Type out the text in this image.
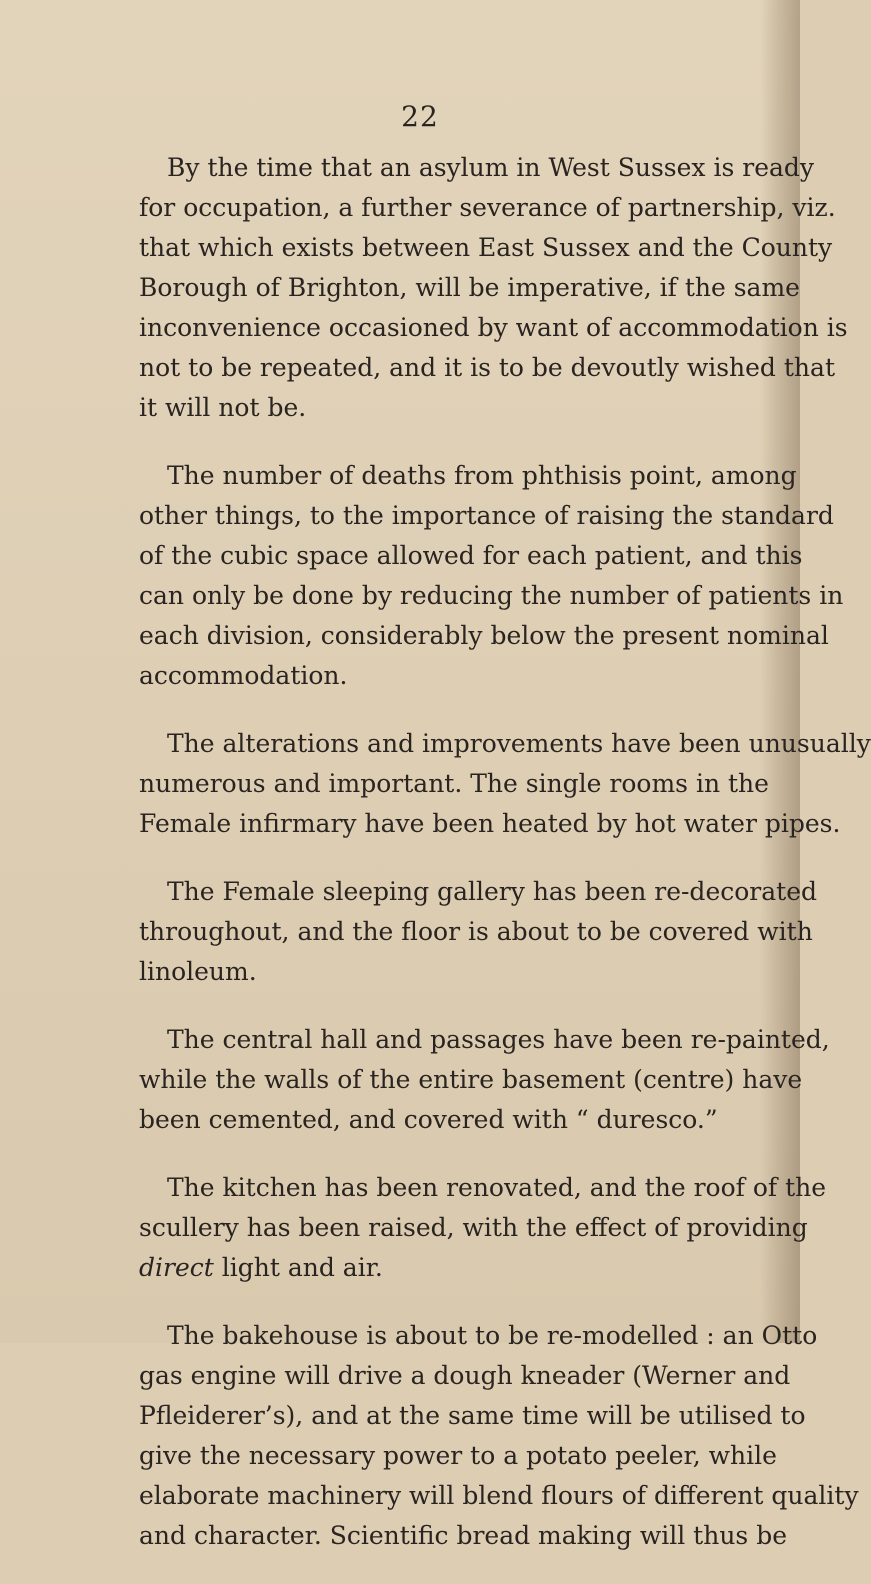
22

By the time that an asylum in West Sussex is ready
for occupation, a further severance of partnership, viz.
that which exists between East Sussex and the County
Borough of Brighton, will be imperative, if the same
inconvenience occasioned by want of accommodation is
not to be repeated, and it is to be devoutly wished that
it will not be.

The number of deaths from phthisis point, among
other things, to the importance of raising the standard
of the cubic space allowed for each patient, and this
can only be done by reducing the number of patients in
each division, considerably below the present nominal
accommodation.

The alterations and improvements have been unusually
numerous and important. The single rooms in the
Female infirmary have been heated by hot water pipes.

The Female sleeping gallery has been re-decorated
throughout, and the floor is about to be covered with
linoleum.

The central hall and passages have been re-painted,
while the walls of the entire basement (centre) have
been cemented, and covered with “ duresco.”

The kitchen has been renovated, and the roof of the
scullery has been raised, with the effect of providing
direct light and air.

The bakehouse is about to be re-modelled : an Otto
gas engine will drive a dough kneader (Werner and
Pfleiderer’s), and at the same time will be utilised to
give the necessary power to a potato peeler, while
elaborate machinery will blend flours of different quality
and character. Scientific bread making will thus be
